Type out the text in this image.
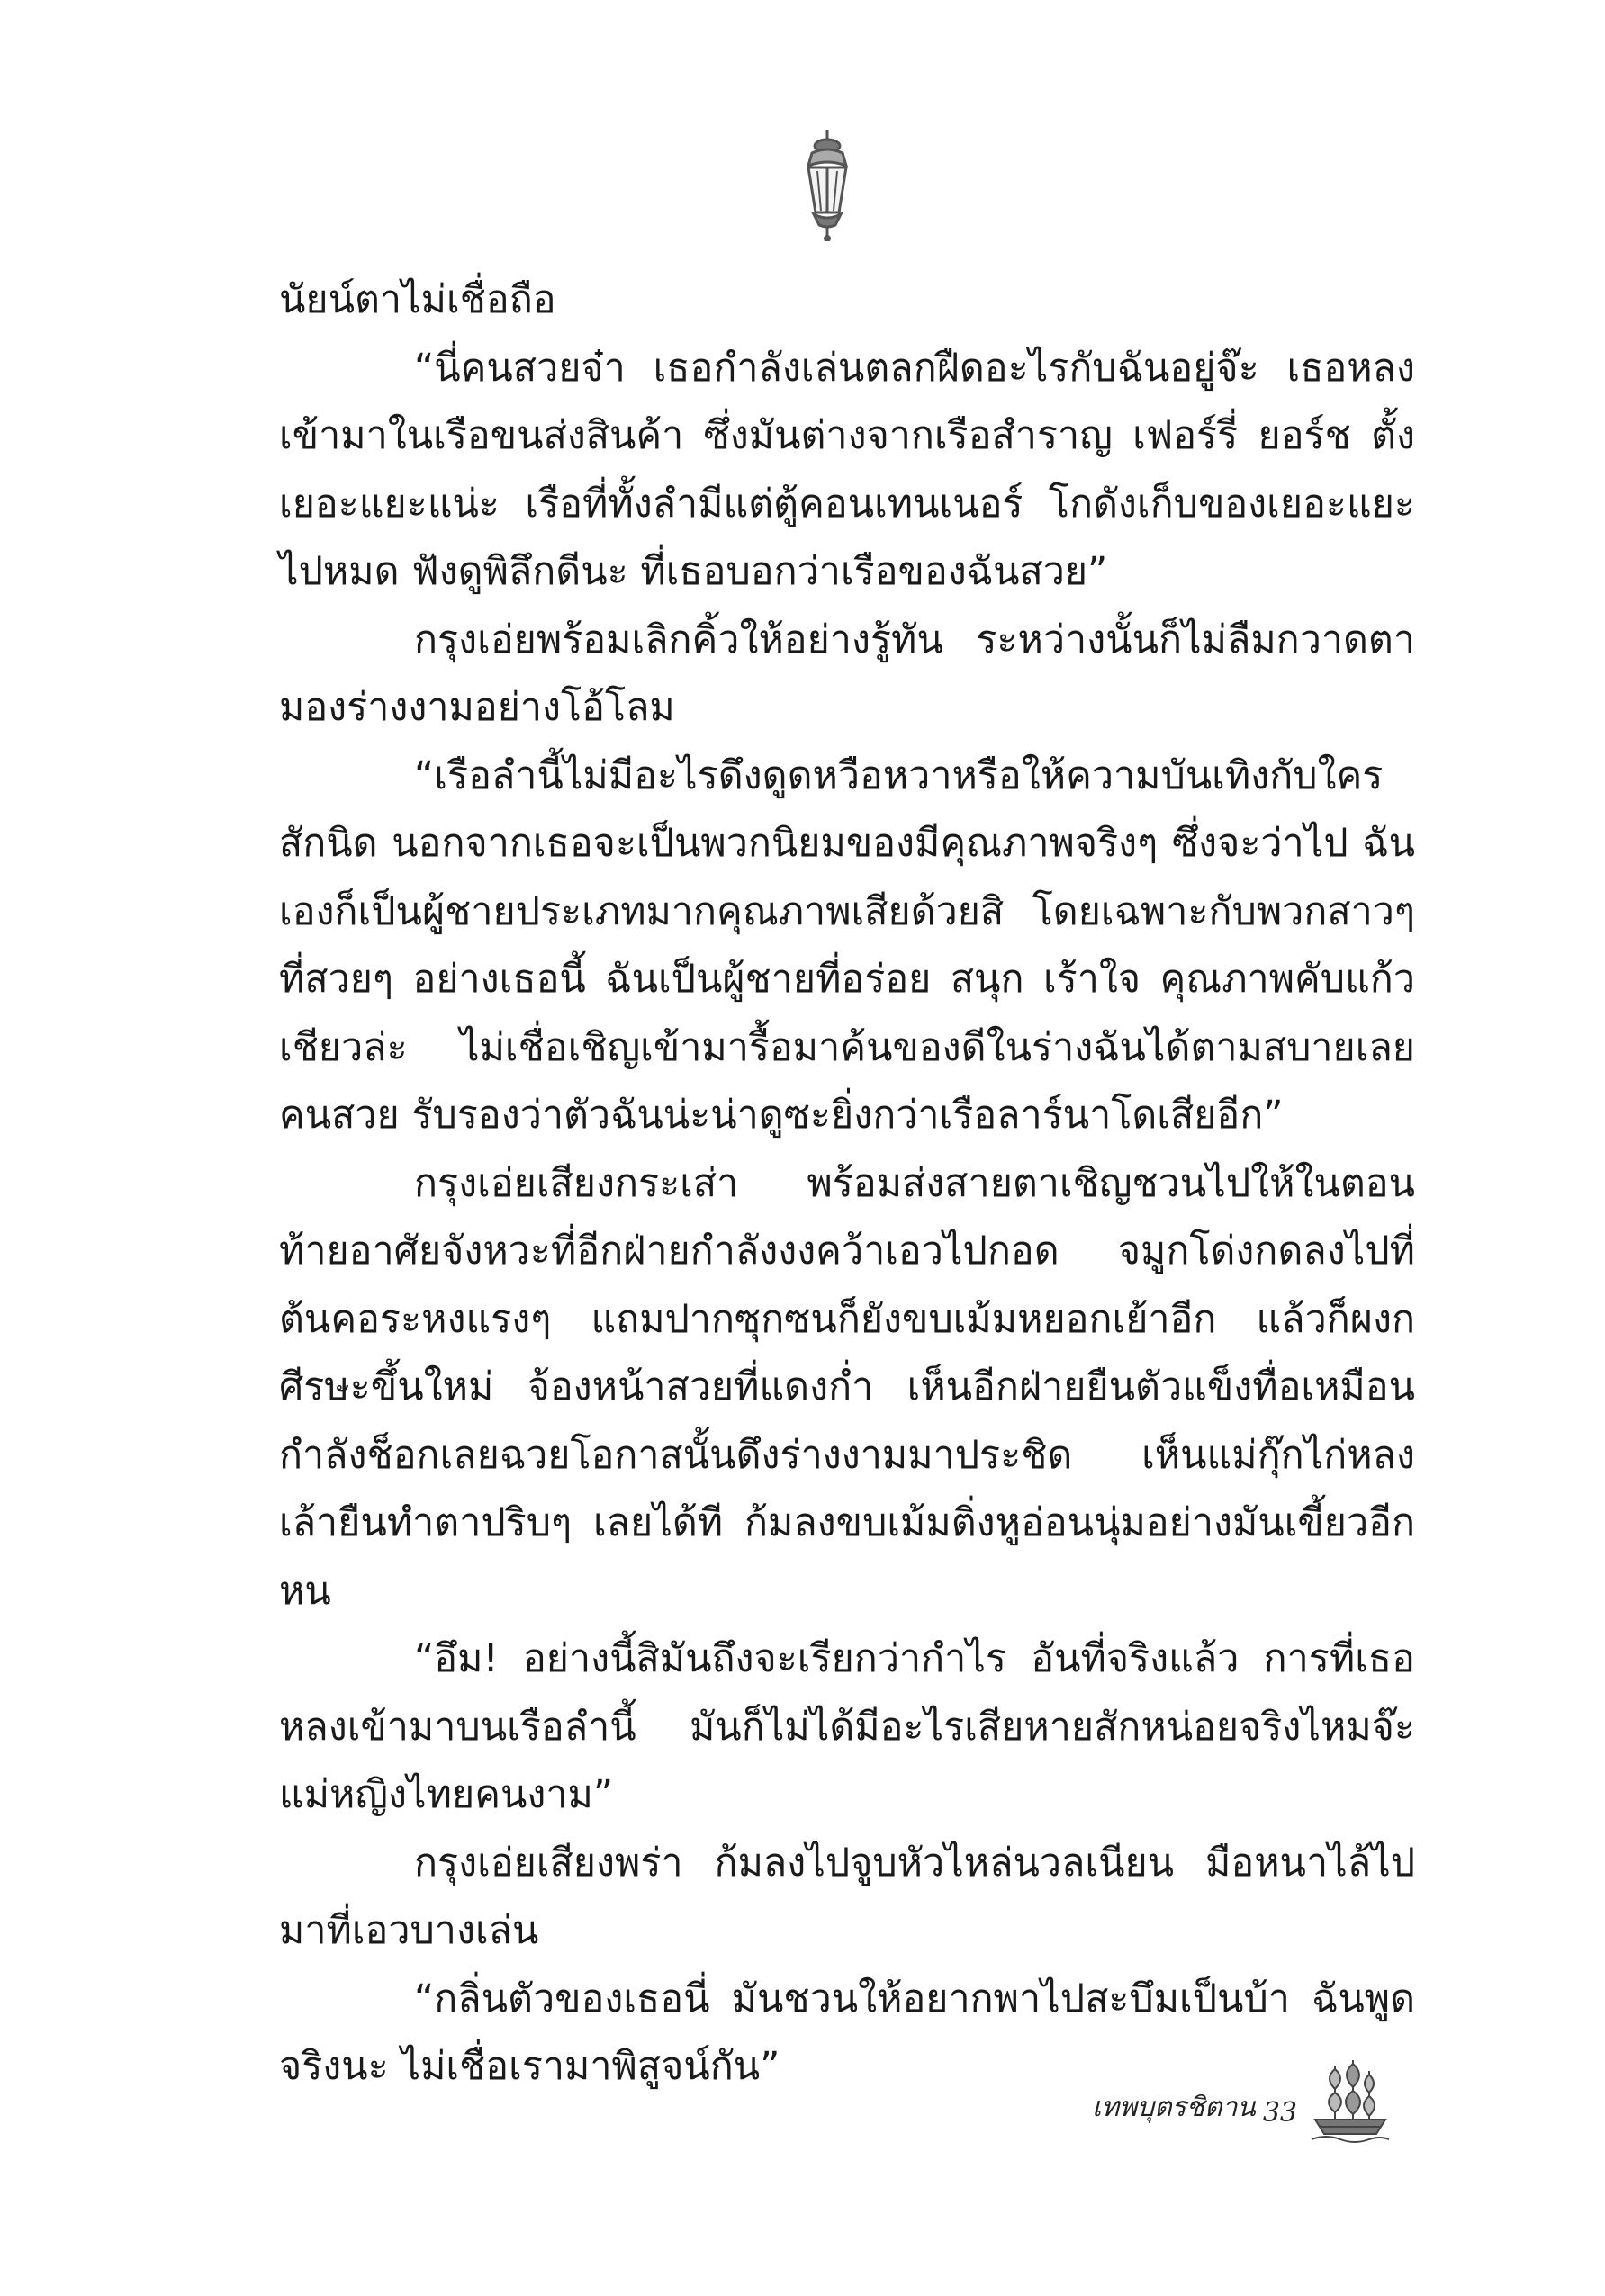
นัยน์ตาไม่เชื่อถือ

“นี่คนสวยจ๋า เธอกำลังเล่นตลกฝืดอะไรกับฉันอยู่จ๊ะ เธอหลงเข้ามาในเรือขนส่งสินค้า ซึ่งมันต่างจากเรือสำราญ เฟอร์รี่ ยอร์ช ตั้งเยอะแยะแน่ะ เรือที่ทั้งลำมีแต่ตู้คอนเทนเนอร์ โกดังเก็บของเยอะแยะไปหมด ฟังดูพิลึกดีนะ ที่เธอบอกว่าเรือของฉันสวย”

กรุงเอ่ยพร้อมเลิกคิ้วให้อย่างรู้ทัน ระหว่างนั้นก็ไม่ลืมกวาดตามองร่างงามอย่างโอ้โลม

“เรือลำนี้ไม่มีอะไรดึงดูดหวือหวาหรือให้ความบันเทิงกับใครสักนิด นอกจากเธอจะเป็นพวกนิยมของมีคุณภาพจริงๆ ซึ่งจะว่าไป ฉันเองก็เป็นผู้ชายประเภทมากคุณภาพเสียด้วยสิ โดยเฉพาะกับพวกสาวๆ ที่สวยๆ อย่างเธอนี้ ฉันเป็นผู้ชายที่อร่อย สนุก เร้าใจ คุณภาพคับแก้วเชียวล่ะ ไม่เชื่อเชิญเข้ามารื้อมาค้นของดีในร่างฉันได้ตามสบายเลยคนสวย รับรองว่าตัวฉันน่ะน่าดูซะยิ่งกว่าเรือลาร์นาโดเสียอีก”

กรุงเอ่ยเสียงกระเส่า พร้อมส่งสายตาเชิญชวนไปให้ในตอนท้ายอาศัยจังหวะที่อีกฝ่ายกำลังงงคว้าเอวไปกอด จมูกโด่งกดลงไปที่ต้นคอระหงแรงๆ แถมปากซุกซนก็ยังขบเม้มหยอกเย้าอีก แล้วก็ผงกศีรษะขึ้นใหม่ จ้องหน้าสวยที่แดงก่ำ เห็นอีกฝ่ายยืนตัวแข็งทื่อเหมือนกำลังช็อกเลยฉวยโอกาสนั้นดึงร่างงามมาประชิด เห็นแม่กุ๊กไก่หลงเล้ายืนทำตาปริบๆ เลยได้ที ก้มลงขบเม้มติ่งหูอ่อนนุ่มอย่างมันเขี้ยวอีกหน

“อึม! อย่างนี้สิมันถึงจะเรียกว่ากำไร อันที่จริงแล้ว การที่เธอหลงเข้ามาบนเรือลำนี้ มันก็ไม่ได้มีอะไรเสียหายสักหน่อยจริงไหมจ๊ะแม่หญิงไทยคนงาม”

กรุงเอ่ยเสียงพร่า ก้มลงไปจูบหัวไหล่นวลเนียน มือหนาไล้ไปมาที่เอวบางเล่น

“กลิ่นตัวของเธอนี่ มันชวนให้อยากพาไปสะบึมเป็นบ้า ฉันพูดจริงนะ ไม่เชื่อเรามาพิสูจน์กัน”

เทพบุตรชิตาน 33
